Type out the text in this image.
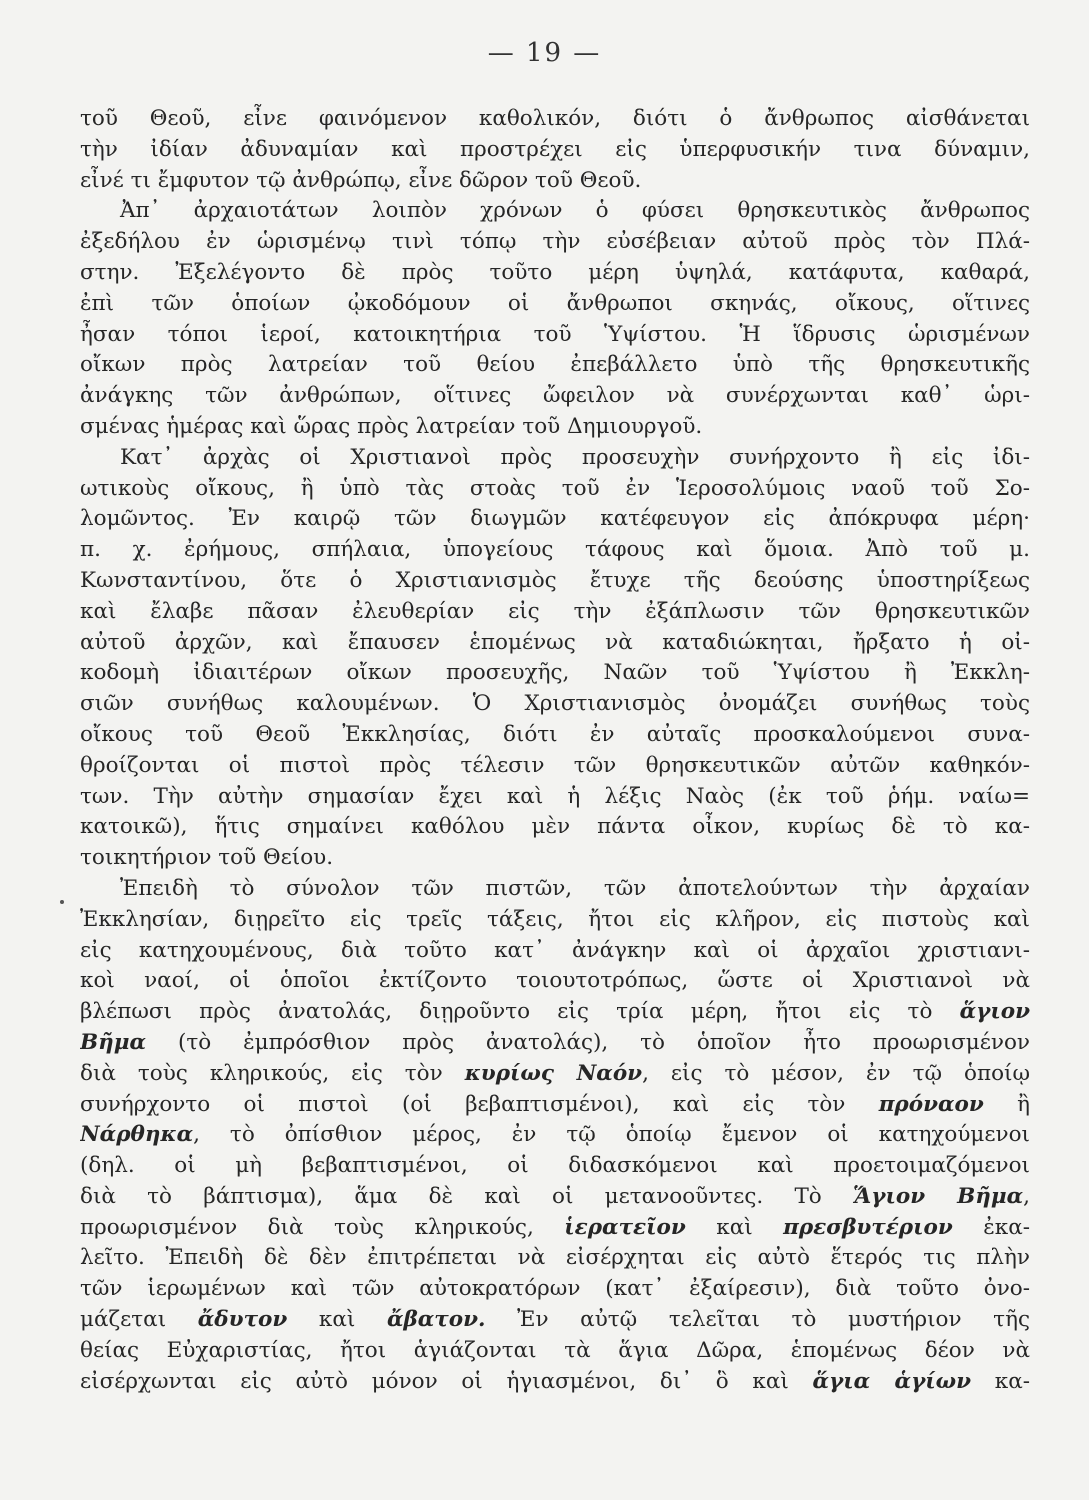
— 19 —
τοῦ Θεοῦ, εἶνε φαινόμενον καθολικόν, διότι ὁ ἄνθρωπος αἰσθάνεται
τὴν ἰδίαν ἀδυναμίαν καὶ προστρέχει εἰς ὑπερφυσικήν τινα δύναμιν,
εἶνέ τι ἔμφυτον τῷ ἀνθρώπῳ, εἶνε δῶρον τοῦ Θεοῦ.
Ἀπ᾿ ἀρχαιοτάτων λοιπὸν χρόνων ὁ φύσει θρησκευτικὸς ἄνθρωπος
ἐξεδήλου ἐν ὡρισμένῳ τινὶ τόπῳ τὴν εὐσέβειαν αὐτοῦ πρὸς τὸν Πλά-
στην. Ἐξελέγοντο δὲ πρὸς τοῦτο μέρη ὑψηλά, κατάφυτα, καθαρά,
ἐπὶ τῶν ὁποίων ᾠκοδόμουν οἱ ἄνθρωποι σκηνάς, οἴκους, οἵτινες
ἦσαν τόποι ἱεροί, κατοικητήρια τοῦ Ὑψίστου. Ἡ ἵδρυσις ὡρισμένων
οἴκων πρὸς λατρείαν τοῦ θείου ἐπεβάλλετο ὑπὸ τῆς θρησκευτικῆς
ἀνάγκης τῶν ἀνθρώπων, οἵτινες ὤφειλον νὰ συνέρχωνται καθ᾿ ὡρι-
σμένας ἡμέρας καὶ ὥρας πρὸς λατρείαν τοῦ Δημιουργοῦ.
Κατ᾿ ἀρχὰς οἱ Χριστιανοὶ πρὸς προσευχὴν συνήρχοντο ἢ εἰς ἰδι-
ωτικοὺς οἴκους, ἢ ὑπὸ τὰς στοὰς τοῦ ἐν Ἱεροσολύμοις ναοῦ τοῦ Σο-
λομῶντος. Ἐν καιρῷ τῶν διωγμῶν κατέφευγον εἰς ἀπόκρυφα μέρη·
π. χ. ἐρήμους, σπήλαια, ὑπογείους τάφους καὶ ὅμοια. Ἀπὸ τοῦ μ.
Κωνσταντίνου, ὅτε ὁ Χριστιανισμὸς ἔτυχε τῆς δεούσης ὑποστηρίξεως
καὶ ἔλαβε πᾶσαν ἐλευθερίαν εἰς τὴν ἐξάπλωσιν τῶν θρησκευτικῶν
αὐτοῦ ἀρχῶν, καὶ ἔπαυσεν ἑπομένως νὰ καταδιώκηται, ἤρξατο ἡ οἰ-
κοδομὴ ἰδιαιτέρων οἴκων προσευχῆς, Ναῶν τοῦ Ὑψίστου ἢ Ἐκκλη-
σιῶν συνήθως καλουμένων. Ὁ Χριστιανισμὸς ὀνομάζει συνήθως τοὺς
οἴκους τοῦ Θεοῦ Ἐκκλησίας, διότι ἐν αὐταῖς προσκαλούμενοι συνα-
θροίζονται οἱ πιστοὶ πρὸς τέλεσιν τῶν θρησκευτικῶν αὐτῶν καθηκόν-
των. Τὴν αὐτὴν σημασίαν ἔχει καὶ ἡ λέξις Ναὸς (ἐκ τοῦ ῥήμ. ναίω=
κατοικῶ), ἥτις σημαίνει καθόλου μὲν πάντα οἶκον, κυρίως δὲ τὸ κα-
τοικητήριον τοῦ Θείου.
Ἐπειδὴ τὸ σύνολον τῶν πιστῶν, τῶν ἀποτελούντων τὴν ἀρχαίαν
Ἐκκλησίαν, διῃρεῖτο εἰς τρεῖς τάξεις, ἤτοι εἰς κλῆρον, εἰς πιστοὺς καὶ
εἰς κατηχουμένους, διὰ τοῦτο κατ᾿ ἀνάγκην καὶ οἱ ἀρχαῖοι χριστιανι-
κοὶ ναοί, οἱ ὁποῖοι ἐκτίζοντο τοιουτοτρόπως, ὥστε οἱ Χριστιανοὶ νὰ
βλέπωσι πρὸς ἀνατολάς, διῃροῦντο εἰς τρία μέρη, ἤτοι εἰς τὸ ἅγιον
Βῆμα (τὸ ἐμπρόσθιον πρὸς ἀνατολάς), τὸ ὁποῖον ἦτο προωρισμένον
διὰ τοὺς κληρικούς, εἰς τὸν κυρίως Ναόν, εἰς τὸ μέσον, ἐν τῷ ὁποίῳ
συνήρχοντο οἱ πιστοὶ (οἱ βεβαπτισμένοι), καὶ εἰς τὸν πρόναον ἢ
Νάρθηκα, τὸ ὀπίσθιον μέρος, ἐν τῷ ὁποίῳ ἔμενον οἱ κατηχούμενοι
(δηλ. οἱ μὴ βεβαπτισμένοι, οἱ διδασκόμενοι καὶ προετοιμαζόμενοι
διὰ τὸ βάπτισμα), ἅμα δὲ καὶ οἱ μετανοοῦντες. Τὸ Ἅγιον Βῆμα,
προωρισμένον διὰ τοὺς κληρικούς, ἱερατεῖον καὶ πρεσβυτέριον ἐκα-
λεῖτο. Ἐπειδὴ δὲ δὲν ἐπιτρέπεται νὰ εἰσέρχηται εἰς αὐτὸ ἕτερός τις πλὴν
τῶν ἱερωμένων καὶ τῶν αὐτοκρατόρων (κατ᾿ ἐξαίρεσιν), διὰ τοῦτο ὀνο-
μάζεται ἄδυτον καὶ ἄβατον. Ἐν αὐτῷ τελεῖται τὸ μυστήριον τῆς
θείας Εὐχαριστίας, ἤτοι ἁγιάζονται τὰ ἅγια Δῶρα, ἑπομένως δέον νὰ
εἰσέρχωνται εἰς αὐτὸ μόνον οἱ ἡγιασμένοι, δι᾿ ὃ καὶ ἅγια ἁγίων κα-
